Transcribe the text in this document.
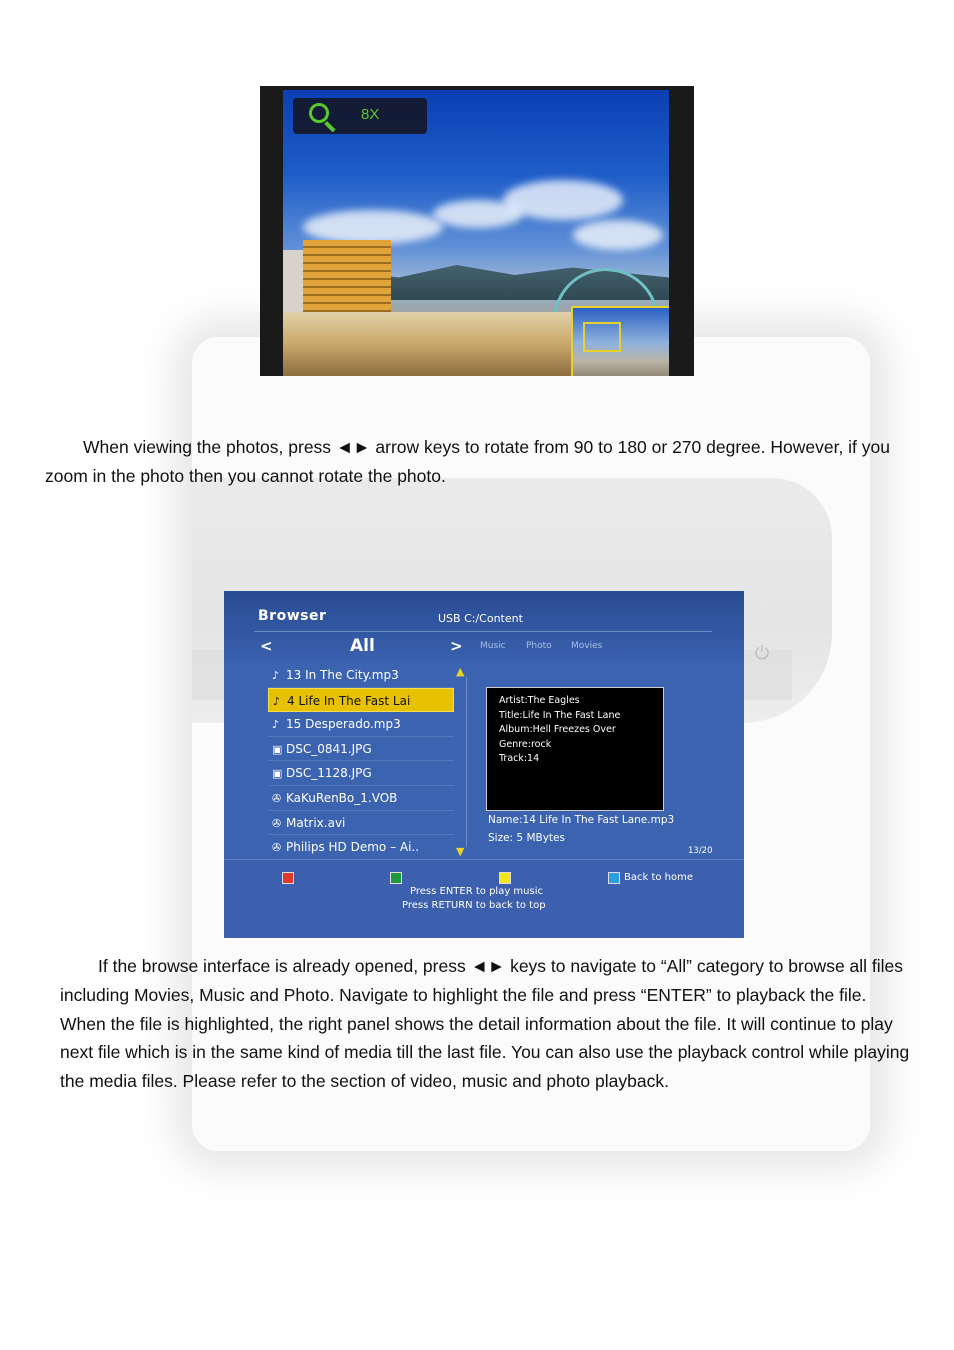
⏻
8X
When viewing the photos, press ◄► arrow keys to rotate from 90 to 180 or 270 degree. However, if you zoom in the photo then you cannot rotate the photo.
Browser	USB C:/Content
<	All	> Music Photo Movies
♪ 13 In The City.mp3
♪ 4 Life In The Fast Lai
♪ 15 Desperado.mp3
▣ DSC_0841.JPG
▣ DSC_1128.JPG
✇ KaKuRenBo_1.VOB
✇ Matrix.avi
✇ Philips HD Demo – Ai..
▲
▼
Artist:The Eagles
Title:Life In The Fast Lane
Album:Hell Freezes Over
Genre:rock
Track:14
Name:14 Life In The Fast Lane.mp3
Size: 5 MBytes
13/20
Back to home
Press ENTER to play music
Press RETURN to back to top
If the browse interface is already opened, press ◄► keys to navigate to “All” category to browse all files including Movies, Music and Photo. Navigate to highlight the file and press “ENTER” to playback the file. When the file is highlighted, the right panel shows the detail information about the file. It will continue to play next file which is in the same kind of media till the last file. You can also use the playback control while playing the media files. Please refer to the section of video, music and photo playback.
